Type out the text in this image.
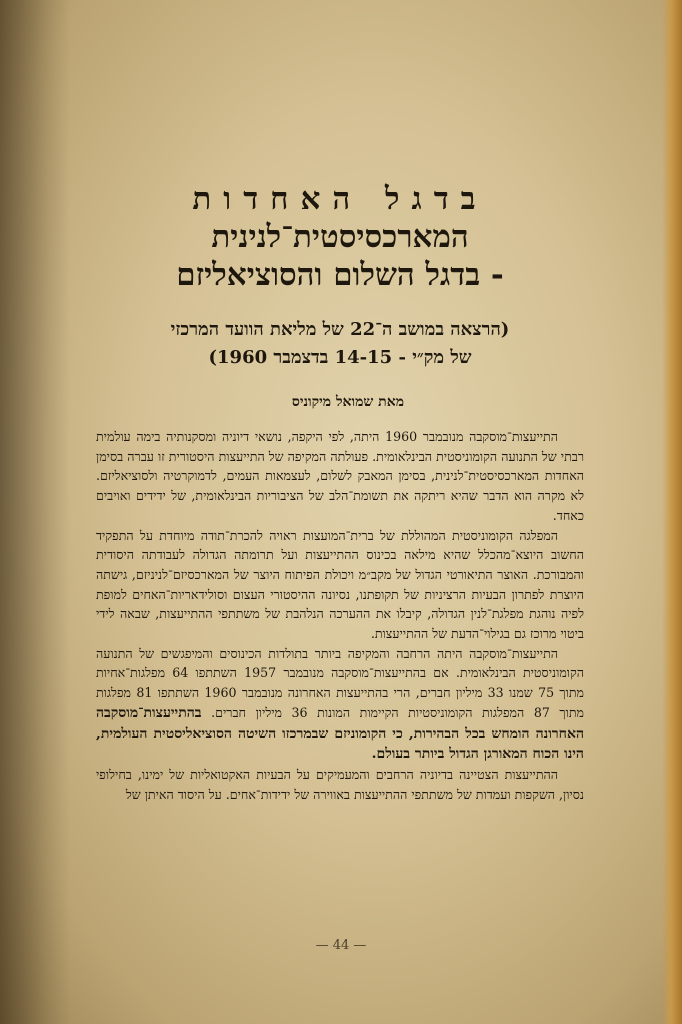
בדגל האחדות

המארכסיסטית־לנינית

- בדגל השלום והסוציאליזם

(הרצאה במושב ה־22 של מליאת הוועד המרכזי
של מק״י - 14-15 בדצמבר 1960)
מאת שמואל מיקוניס

התייעצות־מוסקבה מנובמבר 1960 היתה, לפי היקפה, נושאי דיוניה ומסקנותיה בימה עולמית רבתי של התנועה הקומוניסטית הבינלאומית. פעולתה המקיפה של התייעצות היסטורית זו עברה בסימן האחדות המארכסיסטית־לנינית, בסימן המאבק לשלום, לעצמאות העמים, לדמוקרטיה ולסוציאליזם. לא מקרה הוא הדבר שהיא ריתקה את תשומת־הלב של הציבוריות הבינלאומית, של ידידים ואויבים כאחד.

המפלגה הקומוניסטית המהוללת של ברית־המועצות ראויה להכרת־תודה מיוחדת על התפקיד החשוב היוצא־מהכלל שהיא מילאה בכינוס ההתייעצות ועל תרומתה הגדולה לעבודתה היסודית והמבורכת. האוצר התיאורטי הגדול של מקב״מ ויכולת הפיתוח היוצר של המארכסיזם־לניניזם, גישתה היוצרת לפתרון הבעיות הרציניות של תקופתנו, נסיונה ההיסטורי העצום וסולידאריות־האחים למופת לפיה נוהגת מפלגת־לנין הגדולה, קיבלו את ההערכה הנלהבת של משתתפי ההתייעצות, שבאה לידי ביטוי מרוכז גם בגילוי־הדעת של ההתייעצות.

התייעצות־מוסקבה היתה הרחבה והמקיפה ביותר בתולדות הכינוסים והמיפגשים של התנועה הקומוניסטית הבינלאומית. אם בהתייעצות־מוסקבה מנובמבר 1957 השתתפו 64 מפלגות־אחיות מתוך 75 שמנו 33 מיליון חברים, הרי בהתייעצות האחרונה מנובמבר 1960 השתתפו 81 מפלגות מתוך 87 המפלגות הקומוניסטיות הקיימות המונות 36 מיליון חברים. בהתייעצות־מוסקבה האחרונה הומחש בכל הבהירות, כי הקומוניזם שבמרכזו השיטה הסוציאליסטית העולמית, הינו הכוח המאורגן הגדול ביותר בעולם.

ההתייעצות הצטיינה בדיוניה הרחבים והמעמיקים על הבעיות האקטואליות של ימינו, בחילופי נסיון, השקפות ועמדות של משתתפי ההתייעצות באווירה של ידידות־אחים. על היסוד האיתן של

— 44 —
